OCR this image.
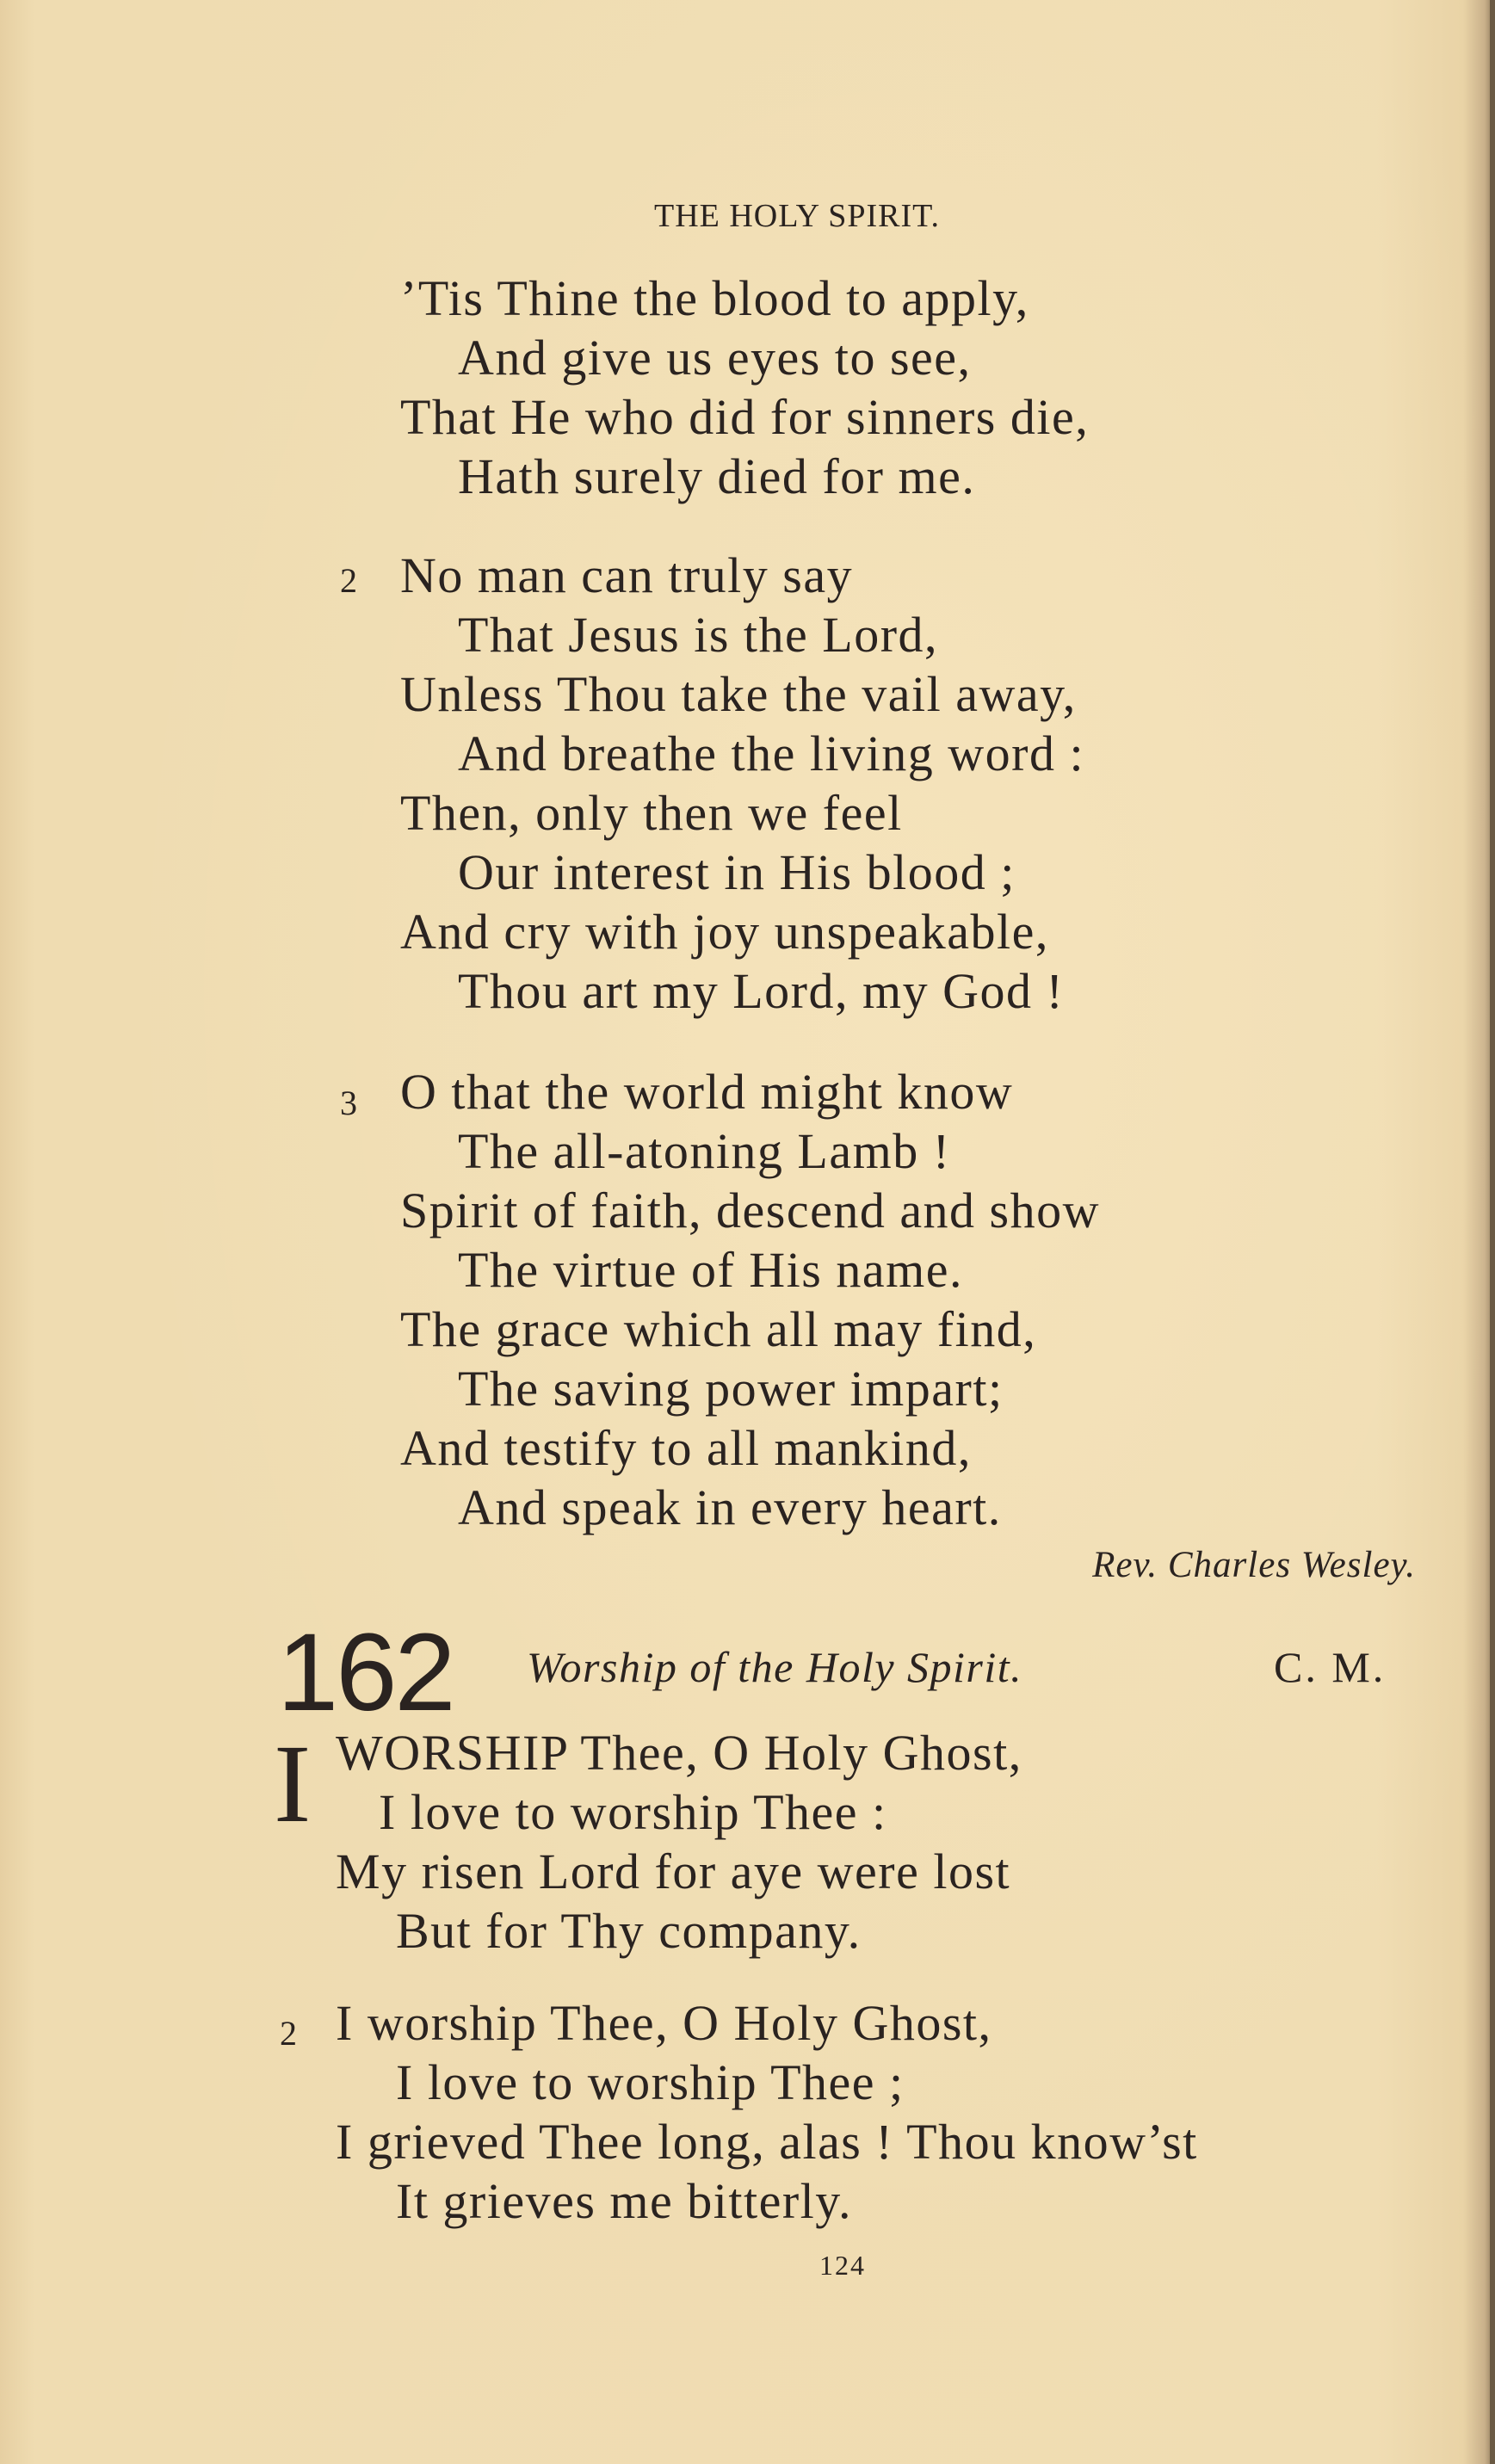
THE HOLY SPIRIT.
’Tis Thine the blood to apply,
And give us eyes to see,
That He who did for sinners die,
Hath surely died for me.
2 No man can truly say
That Jesus is the Lord,
Unless Thou take the vail away,
And breathe the living word :
Then, only then we feel
Our interest in His blood ;
And cry with joy unspeakable,
Thou art my Lord, my God !
3 O that the world might know
The all-atoning Lamb !
Spirit of faith, descend and show
The virtue of His name.
The grace which all may find,
The saving power impart;
And testify to all mankind,
And speak in every heart.
Rev. Charles Wesley.
162 Worship of the Holy Spirit.	C. M.
I WORSHIP Thee, O Holy Ghost,
I love to worship Thee :
My risen Lord for aye were lost
But for Thy company.
2 I worship Thee, O Holy Ghost,
I love to worship Thee ;
I grieved Thee long, alas ! Thou know’st
It grieves me bitterly.
124
